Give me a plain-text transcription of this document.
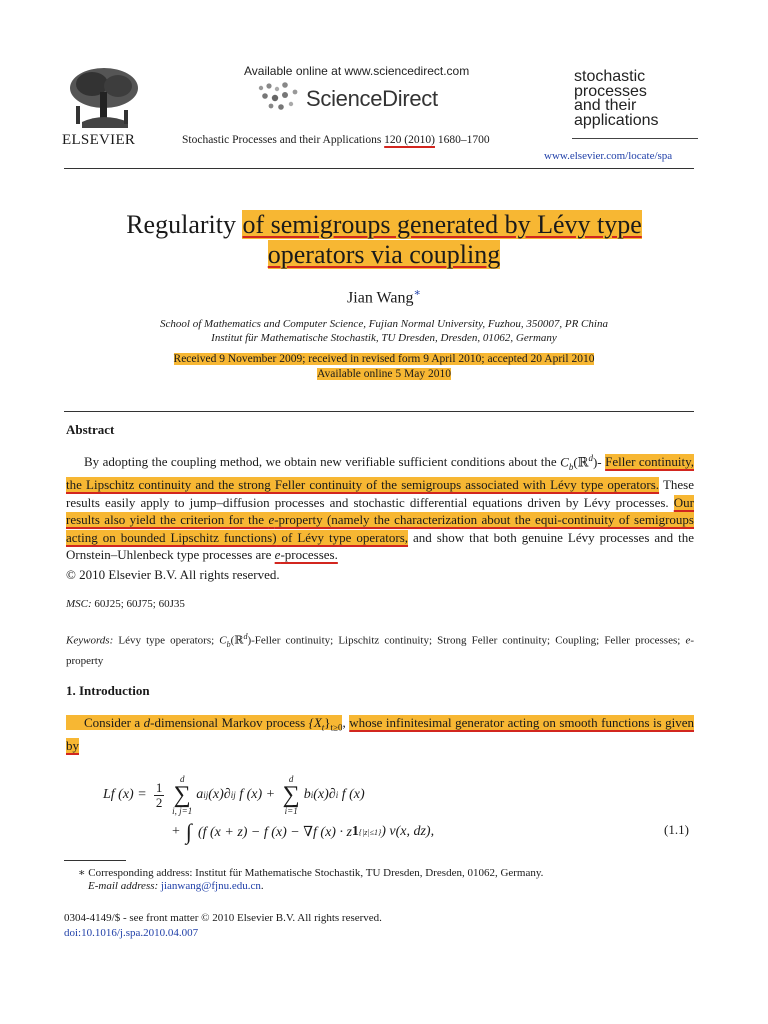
ELSEVIER
Available online at www.sciencedirect.com
ScienceDirect
Stochastic Processes and their Applications 120 (2010) 1680–1700
stochastic
processes
and their
applications
www.elsevier.com/locate/spa
Regularity of semigroups generated by Lévy type
operators via coupling
Jian Wang∗
School of Mathematics and Computer Science, Fujian Normal University, Fuzhou, 350007, PR China
Institut für Mathematische Stochastik, TU Dresden, Dresden, 01062, Germany
Received 9 November 2009; received in revised form 9 April 2010; accepted 20 April 2010
Available online 5 May 2010
Abstract
By adopting the coupling method, we obtain new verifiable sufficient conditions about the $C_b(ℝ^d)-$ Feller continuity, the Lipschitz continuity and the strong Feller continuity of the semigroups associated with Lévy type operators. These results easily apply to jump–diffusion processes and stochastic differential equations driven by Lévy processes. Our results also yield the criterion for the e-property (namely the characterization about the equi-continuity of semigroups acting on bounded Lipschitz functions) of Lévy type operators, and show that both genuine Lévy processes and the Ornstein–Uhlenbeck type processes are e-processes.
© 2010 Elsevier B.V. All rights reserved.
MSC: 60J25; 60J75; 60J35
Keywords: Lévy type operators; $C_b(ℝ^d)$-Feller continuity; Lipschitz continuity; Strong Feller continuity; Coupling; Feller processes; e-property
1. Introduction
Consider a d-dimensional Markov process $\{X_t\}_{t\ge 0}$, whose infinitesimal generator acting on smooth functions is given by
Lf (x) = 1
2
d
∑
i, j=1
a ij (x)∂ ij f (x) +
d
∑
i=1
b i (x)∂ i f (x)
+ ∫ (f (x + z) − f (x) − ∇f (x) · z 1 {|z|≤1} ) ν(x, dz),	(1.1)
∗ Corresponding address: Institut für Mathematische Stochastik, TU Dresden, Dresden, 01062, Germany.
E-mail address: jianwang@fjnu.edu.cn.
0304-4149/$ - see front matter © 2010 Elsevier B.V. All rights reserved.
doi:10.1016/j.spa.2010.04.007
